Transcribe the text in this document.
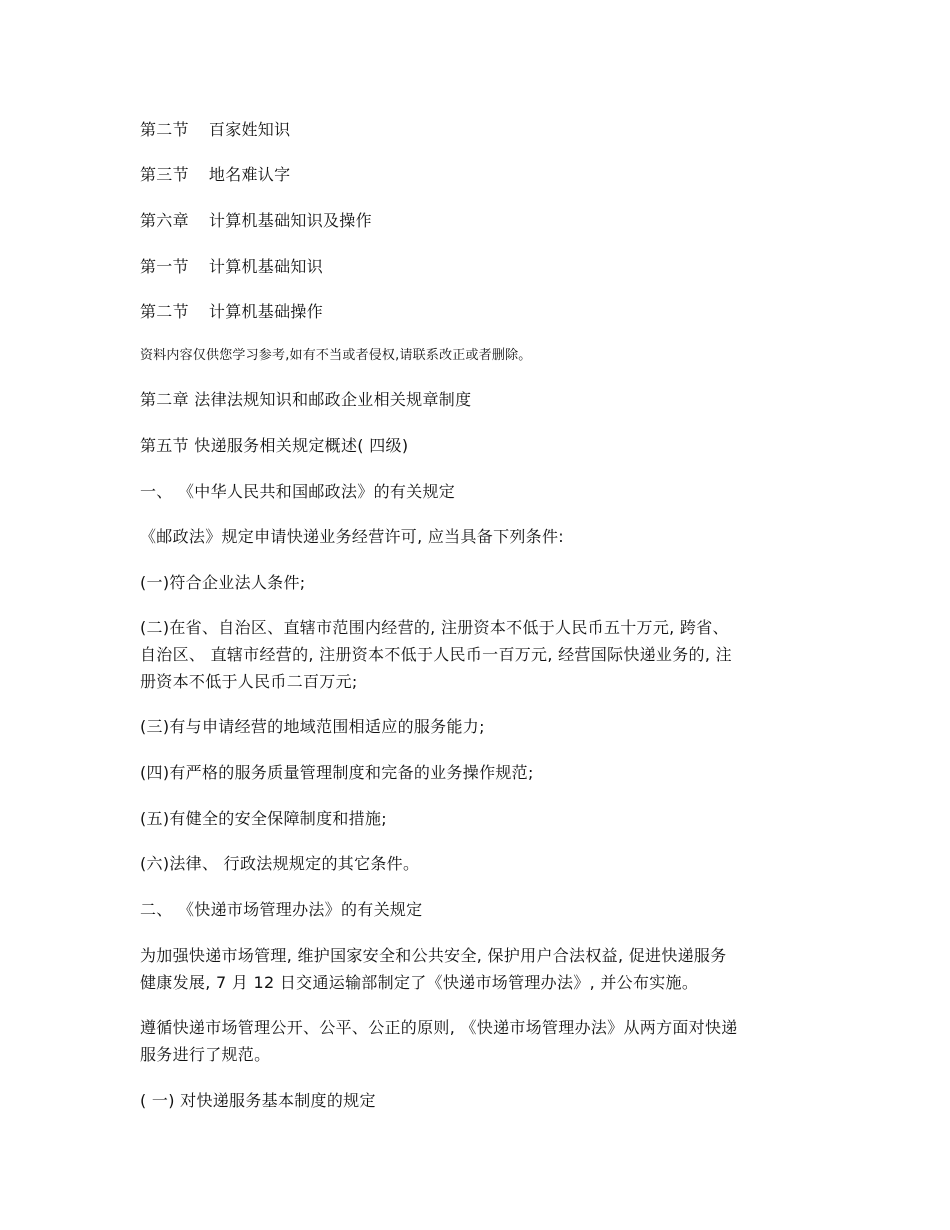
第二节 百家姓知识
第三节 地名难认字
第六章 计算机基础知识及操作
第一节 计算机基础知识
第二节 计算机基础操作
资料内容仅供您学习参考,如有不当或者侵权,请联系改正或者删除。
第二章 法律法规知识和邮政企业相关规章制度
第五节 快递服务相关规定概述( 四级)
一、 《中华人民共和国邮政法》的有关规定
《邮政法》规定申请快递业务经营许可, 应当具备下列条件:
(一)符合企业法人条件;
(二)在省、自治区、直辖市范围内经营的, 注册资本不低于人民币五十万元, 跨省、
自治区、 直辖市经营的, 注册资本不低于人民币一百万元, 经营国际快递业务的, 注
册资本不低于人民币二百万元;
(三)有与申请经营的地域范围相适应的服务能力;
(四)有严格的服务质量管理制度和完备的业务操作规范;
(五)有健全的安全保障制度和措施;
(六)法律、 行政法规规定的其它条件。
二、 《快递市场管理办法》的有关规定
为加强快递市场管理, 维护国家安全和公共安全, 保护用户合法权益, 促进快递服务
健康发展, 7 月 12 日交通运输部制定了《快递市场管理办法》, 并公布实施。
遵循快递市场管理公开、公平、公正的原则, 《快递市场管理办法》从两方面对快递
服务进行了规范。
( 一) 对快递服务基本制度的规定
